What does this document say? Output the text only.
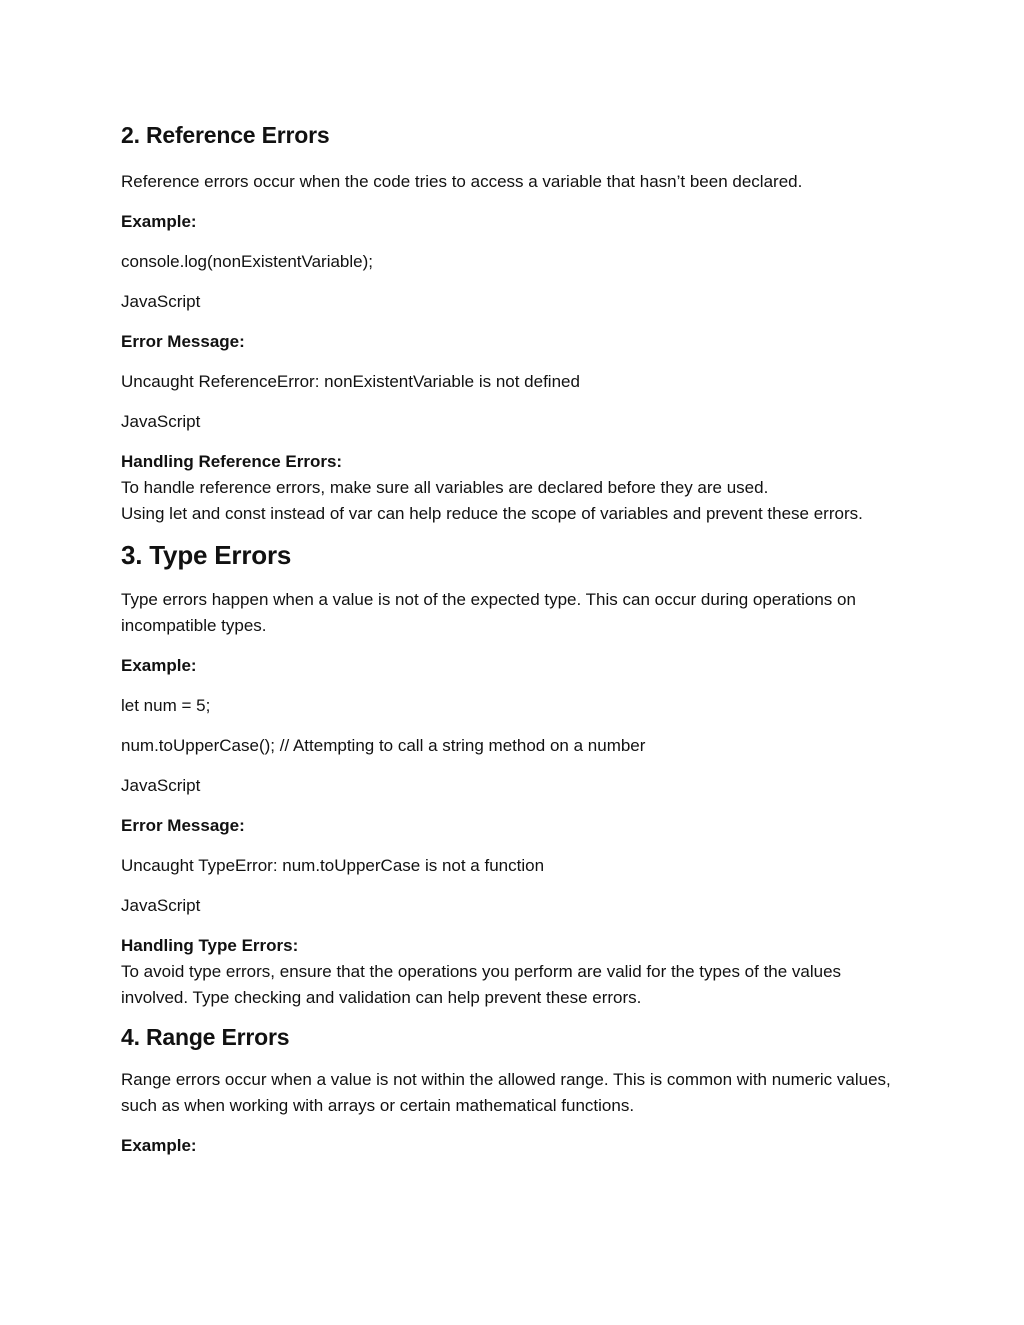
2. Reference Errors

Reference errors occur when the code tries to access a variable that hasn’t been declared.

Example:

console.log(nonExistentVariable);

JavaScript

Error Message:

Uncaught ReferenceError: nonExistentVariable is not defined

JavaScript

Handling Reference Errors:

To handle reference errors, make sure all variables are declared before they are used.

Using let and const instead of var can help reduce the scope of variables and prevent these errors.

3. Type Errors

Type errors happen when a value is not of the expected type. This can occur during operations on incompatible types.

Example:

let num = 5;

num.toUpperCase(); // Attempting to call a string method on a number

JavaScript

Error Message:

Uncaught TypeError: num.toUpperCase is not a function

JavaScript

Handling Type Errors:

To avoid type errors, ensure that the operations you perform are valid for the types of the values involved. Type checking and validation can help prevent these errors.

4. Range Errors

Range errors occur when a value is not within the allowed range. This is common with numeric values, such as when working with arrays or certain mathematical functions.

Example:
